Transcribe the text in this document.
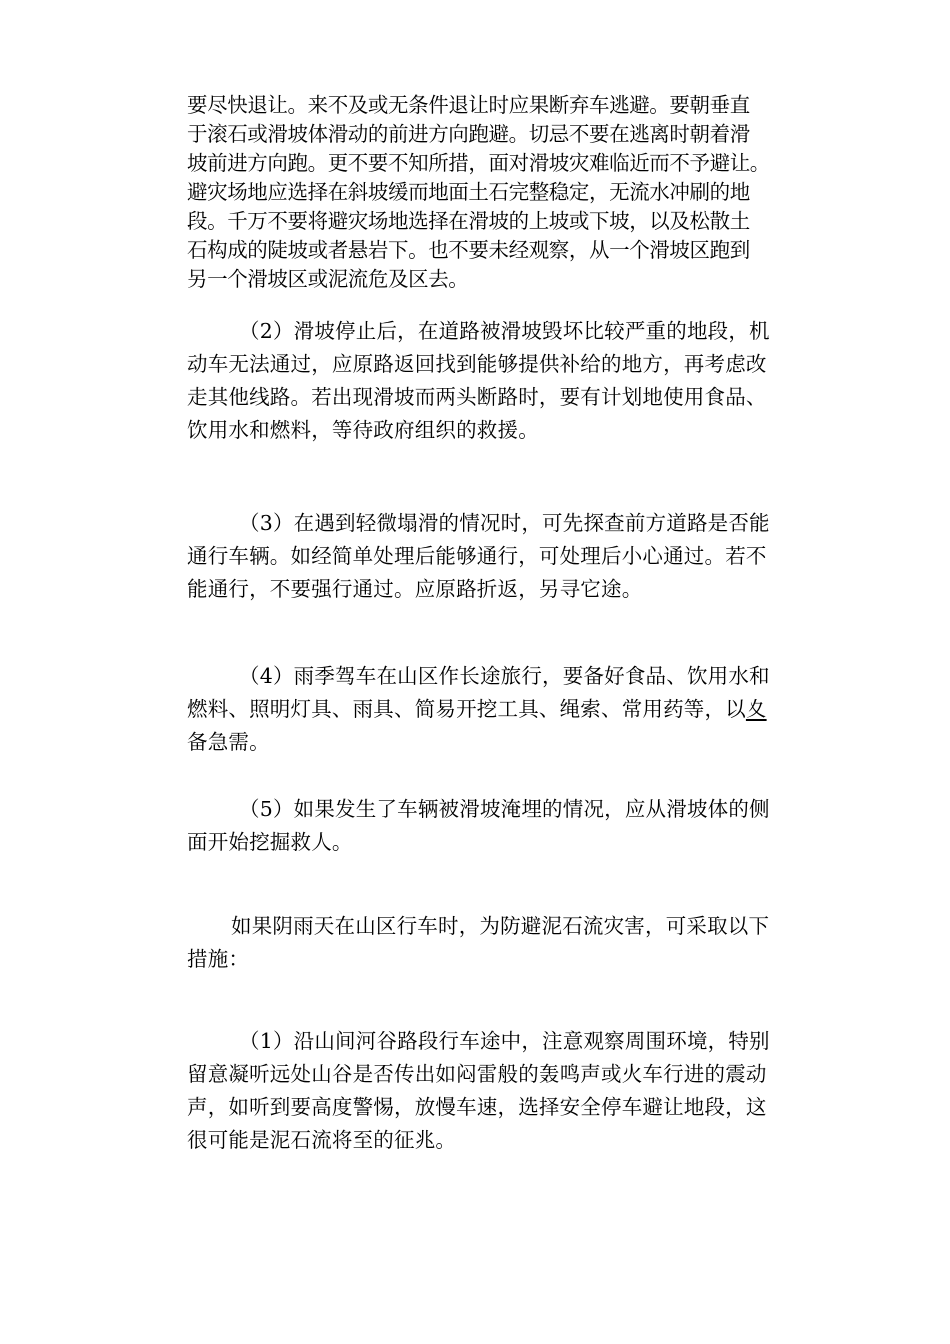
要尽快退让。来不及或无条件退让时应果断弃车逃避。要朝垂直
于滚石或滑坡体滑动的前进方向跑避。切忌不要在逃离时朝着滑
坡前进方向跑。更不要不知所措，面对滑坡灾难临近而不予避让。
避灾场地应选择在斜坡缓而地面土石完整稳定，无流水冲刷的地
段。千万不要将避灾场地选择在滑坡的上坡或下坡，以及松散土
石构成的陡坡或者悬岩下。也不要未经观察，从一个滑坡区跑到
另一个滑坡区或泥流危及区去。
（2）滑坡停止后，在道路被滑坡毁坏比较严重的地段，机
动车无法通过，应原路返回找到能够提供补给的地方，再考虑改
走其他线路。若出现滑坡而两头断路时，要有计划地使用食品、
饮用水和燃料，等待政府组织的救援。
（3）在遇到轻微塌滑的情况时，可先探查前方道路是否能
通行车辆。如经简单处理后能够通行，可处理后小心通过。若不
能通行，不要强行通过。应原路折返，另寻它途。
（4）雨季驾车在山区作长途旅行，要备好食品、饮用水和
燃料、照明灯具、雨具、简易开挖工具、绳索、常用药等，以夊
备急需。
（5）如果发生了车辆被滑坡淹埋的情况，应从滑坡体的侧
面开始挖掘救人。
如果阴雨天在山区行车时，为防避泥石流灾害，可采取以下
措施：
（1）沿山间河谷路段行车途中，注意观察周围环境，特别
留意凝听远处山谷是否传出如闷雷般的轰鸣声或火车行进的震动
声，如听到要高度警惕，放慢车速，选择安全停车避让地段，这
很可能是泥石流将至的征兆。
